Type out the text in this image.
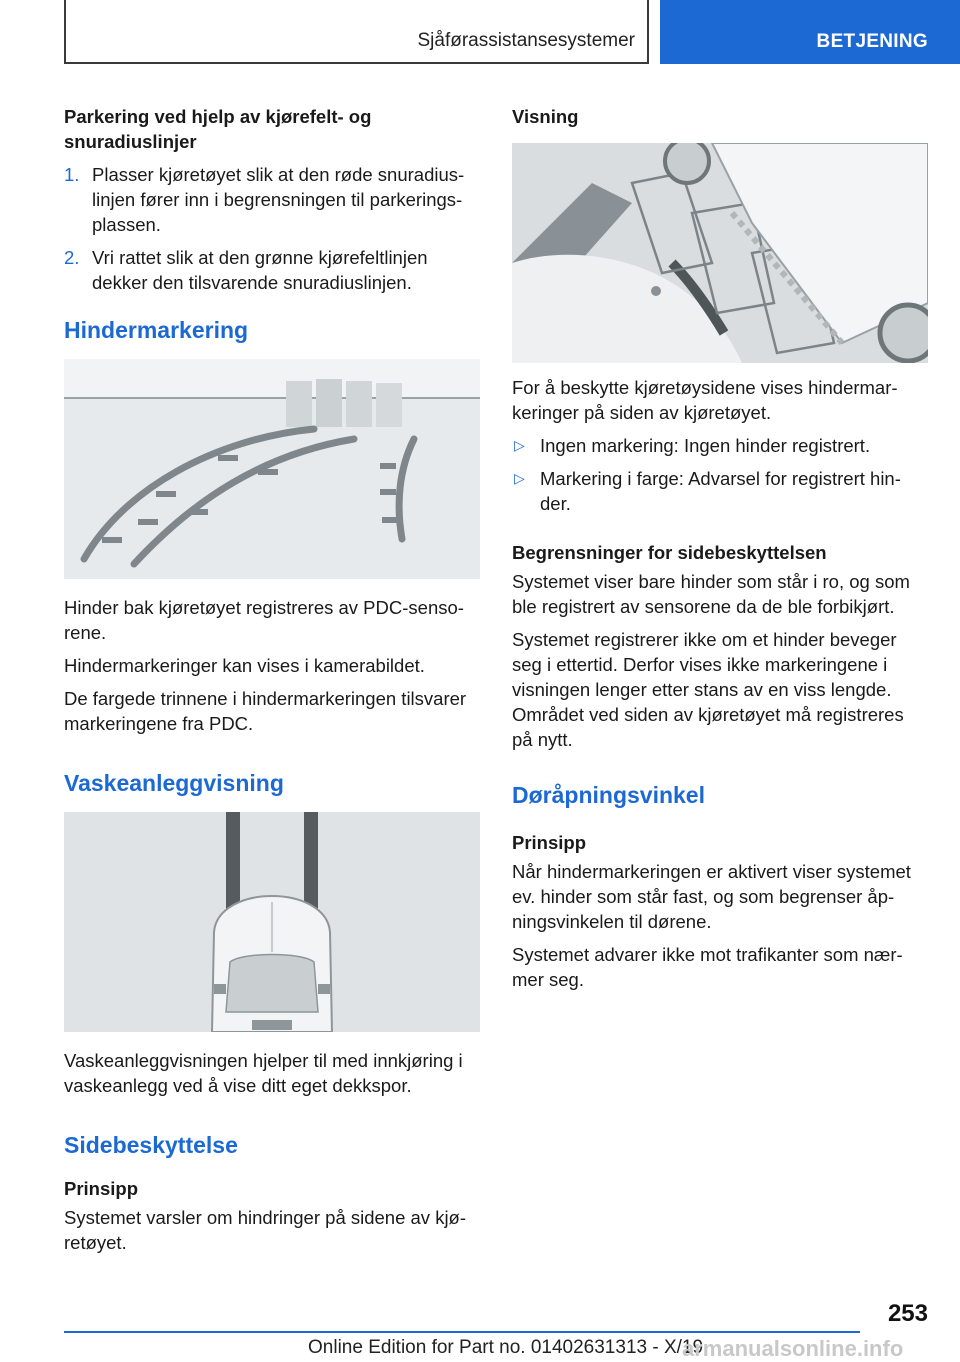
Sjåførassistansesystemer	BETJENING
Parkering ved hjelp av kjørefelt- og snuradiuslinjer
1. Plasser kjøretøyet slik at den røde snuradius-linjen fører inn i begrensningen til parkerings-plassen.
2. Vri rattet slik at den grønne kjørefeltlinjen dekker den tilsvarende snuradiuslinjen.
Hindermarkering

Hinder bak kjøretøyet registreres av PDC-senso-rene.

Hindermarkeringer kan vises i kamerabildet.

De fargede trinnene i hindermarkeringen tilsvarer markeringene fra PDC.

Vaskeanleggvisning

Vaskeanleggvisningen hjelper til med innkjøring i vaskeanlegg ved å vise ditt eget dekkspor.

Sidebeskyttelse
Prinsipp

Systemet varsler om hindringer på sidene av kjø-retøyet.

Visning

For å beskytte kjøretøysidene vises hindermar-keringer på siden av kjøretøyet.

▷ Ingen markering: Ingen hinder registrert.
▷ Markering i farge: Advarsel for registrert hin-der.
Begrensninger for sidebeskyttelsen

Systemet viser bare hinder som står i ro, og som ble registrert av sensorene da de ble forbikjørt.

Systemet registrerer ikke om et hinder beveger seg i ettertid. Derfor vises ikke markeringene i visningen lenger etter stans av en viss lengde. Området ved siden av kjøretøyet må registreres på nytt.

Døråpningsvinkel
Prinsipp

Når hindermarkeringen er aktivert viser systemet ev. hinder som står fast, og som begrenser åp-ningsvinkelen til dørene.

Systemet advarer ikke mot trafikanter som nær-mer seg.

253
Online Edition for Part no. 01402631313 - X/19
armanualsonline.info
